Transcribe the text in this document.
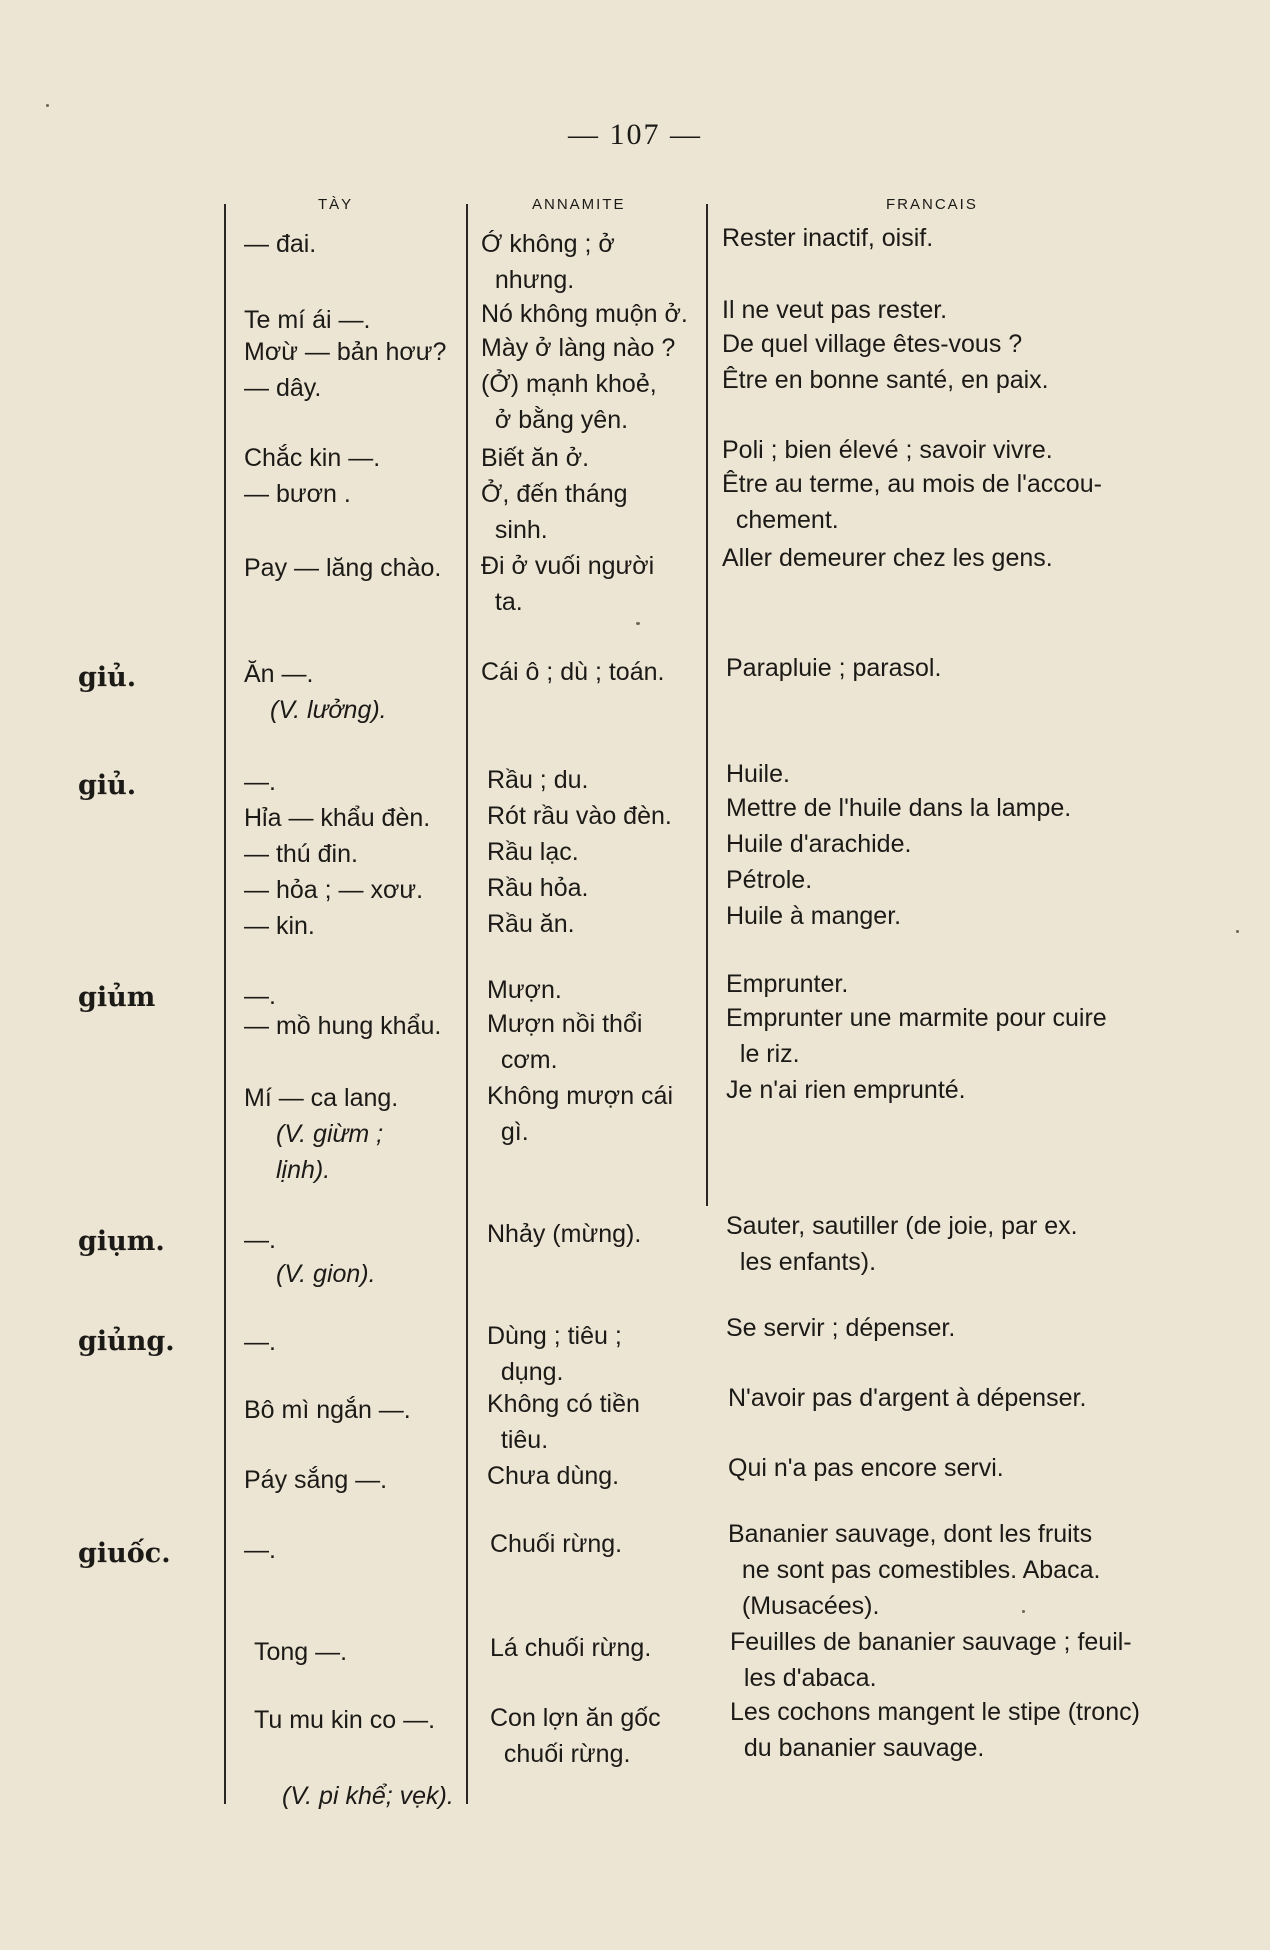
— 107 —
TÀY	ANNAMITE	FRANCAIS
giủ.
giủ.
giủm
giụm.
giủng.
giuốc.
— đai.
Te mí ái —.
Mơừ — bản hơư?
— dây.
Chắc kin —.
— bươn .
Pay — lăng chào.
Ăn —.
(V. lưởng).
—.
Hỉa — khẩu đèn.
— thú đin.
— hỏa ; — xơư.
— kin.
—.
— mồ hung khẩu.
Mí — ca lang.
(V. giừm ;
lịnh).
—.
(V. gion).
—.
Bô mì ngắn —.
Páy sắng —.
—.
Tong —.
Tu mu kin co —.
(V. pi khể; vẹk).
Ớ không ; ở
nhưng.
Nó không muộn ở.
Mày ở làng nào ?
(Ở) mạnh khoẻ,
ở bằng yên.
Biết ăn ở.
Ở, đến tháng
sinh.
Đi ở vuối người
ta.
Cái ô ; dù ; toán.
Rầu ; du.
Rót rầu vào đèn.
Rầu lạc.
Rầu hỏa.
Rầu ăn.
Mượn.
Mượn nồi thổi
cơm.
Không mượn cái
gì.
Nhảy (mừng).
Dùng ; tiêu ;
dụng.
Không có tiền
tiêu.
Chưa dùng.
Chuối rừng.
Lá chuối rừng.
Con lợn ăn gốc
chuối rừng.
Rester inactif, oisif.
Il ne veut pas rester.
De quel village êtes-vous ?
Être en bonne santé, en paix.
Poli ; bien élevé ; savoir vivre.
Être au terme, au mois de l'accou-
chement.
Aller demeurer chez les gens.
Parapluie ; parasol.
Huile.
Mettre de l'huile dans la lampe.
Huile d'arachide.
Pétrole.
Huile à manger.
Emprunter.
Emprunter une marmite pour cuire
le riz.
Je n'ai rien emprunté.
Sauter, sautiller (de joie, par ex.
les enfants).
Se servir ; dépenser.
N'avoir pas d'argent à dépenser.
Qui n'a pas encore servi.
Bananier sauvage, dont les fruits
ne sont pas comestibles. Abaca.
(Musacées).
Feuilles de bananier sauvage ; feuil-
les d'abaca.
Les cochons mangent le stipe (tronc)
du bananier sauvage.
